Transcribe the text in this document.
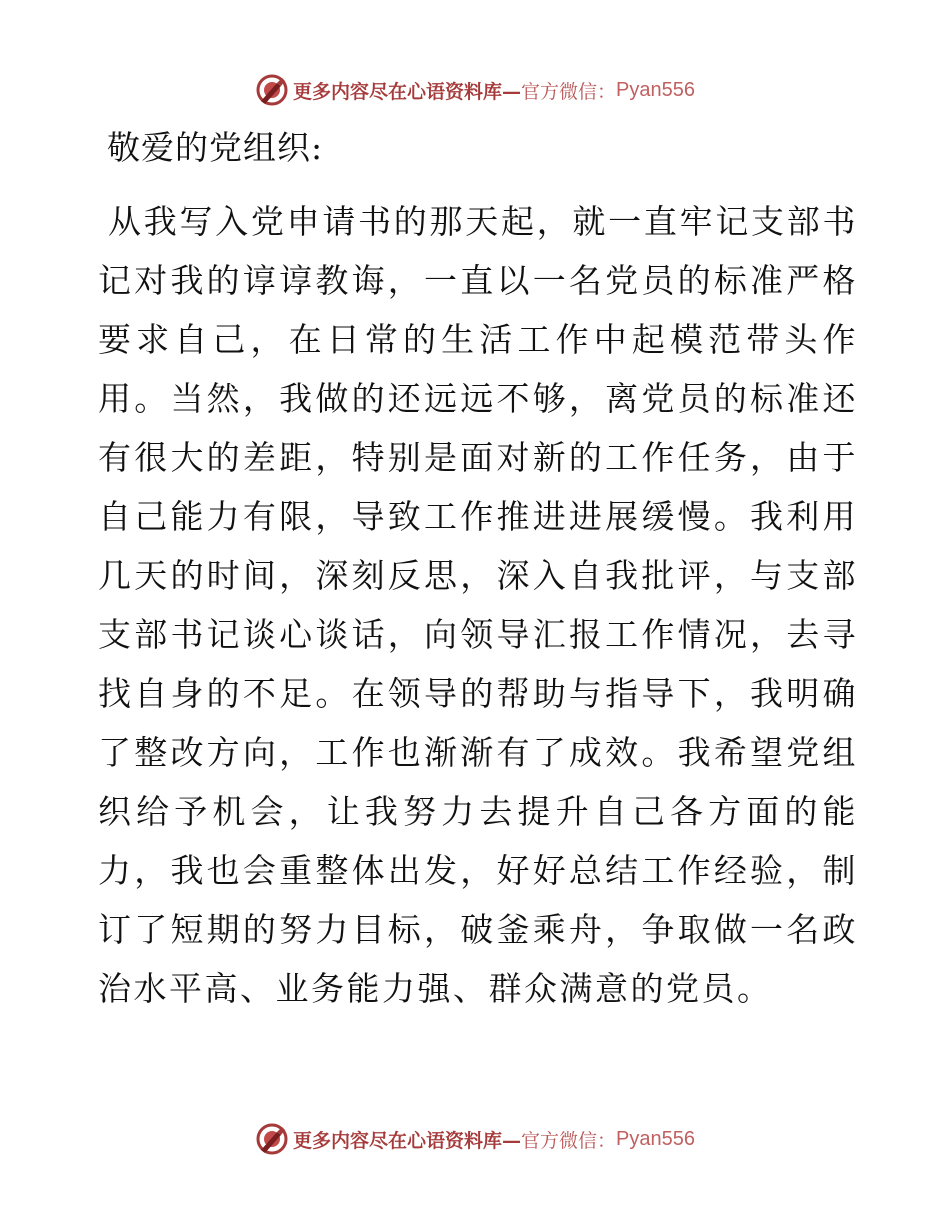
更多内容尽在心语资料库— 官方微信： Pyan556
敬爱的党组织:

从我写入党申请书的那天起，就一直牢记支部书记对我的谆谆教诲，一直以一名党员的标准严格要求自己，在日常的生活工作中起模范带头作用。当然，我做的还远远不够，离党员的标准还有很大的差距，特别是面对新的工作任务，由于自己能力有限，导致工作推进进展缓慢。我利用几天的时间，深刻反思，深入自我批评，与支部支部书记谈心谈话，向领导汇报工作情况，去寻找自身的不足。在领导的帮助与指导下，我明确了整改方向，工作也渐渐有了成效。我希望党组织给予机会，让我努力去提升自己各方面的能力，我也会重整体出发，好好总结工作经验，制订了短期的努力目标，破釜乘舟，争取做一名政治水平高、业务能力强、群众满意的党员。

更多内容尽在心语资料库— 官方微信： Pyan556
